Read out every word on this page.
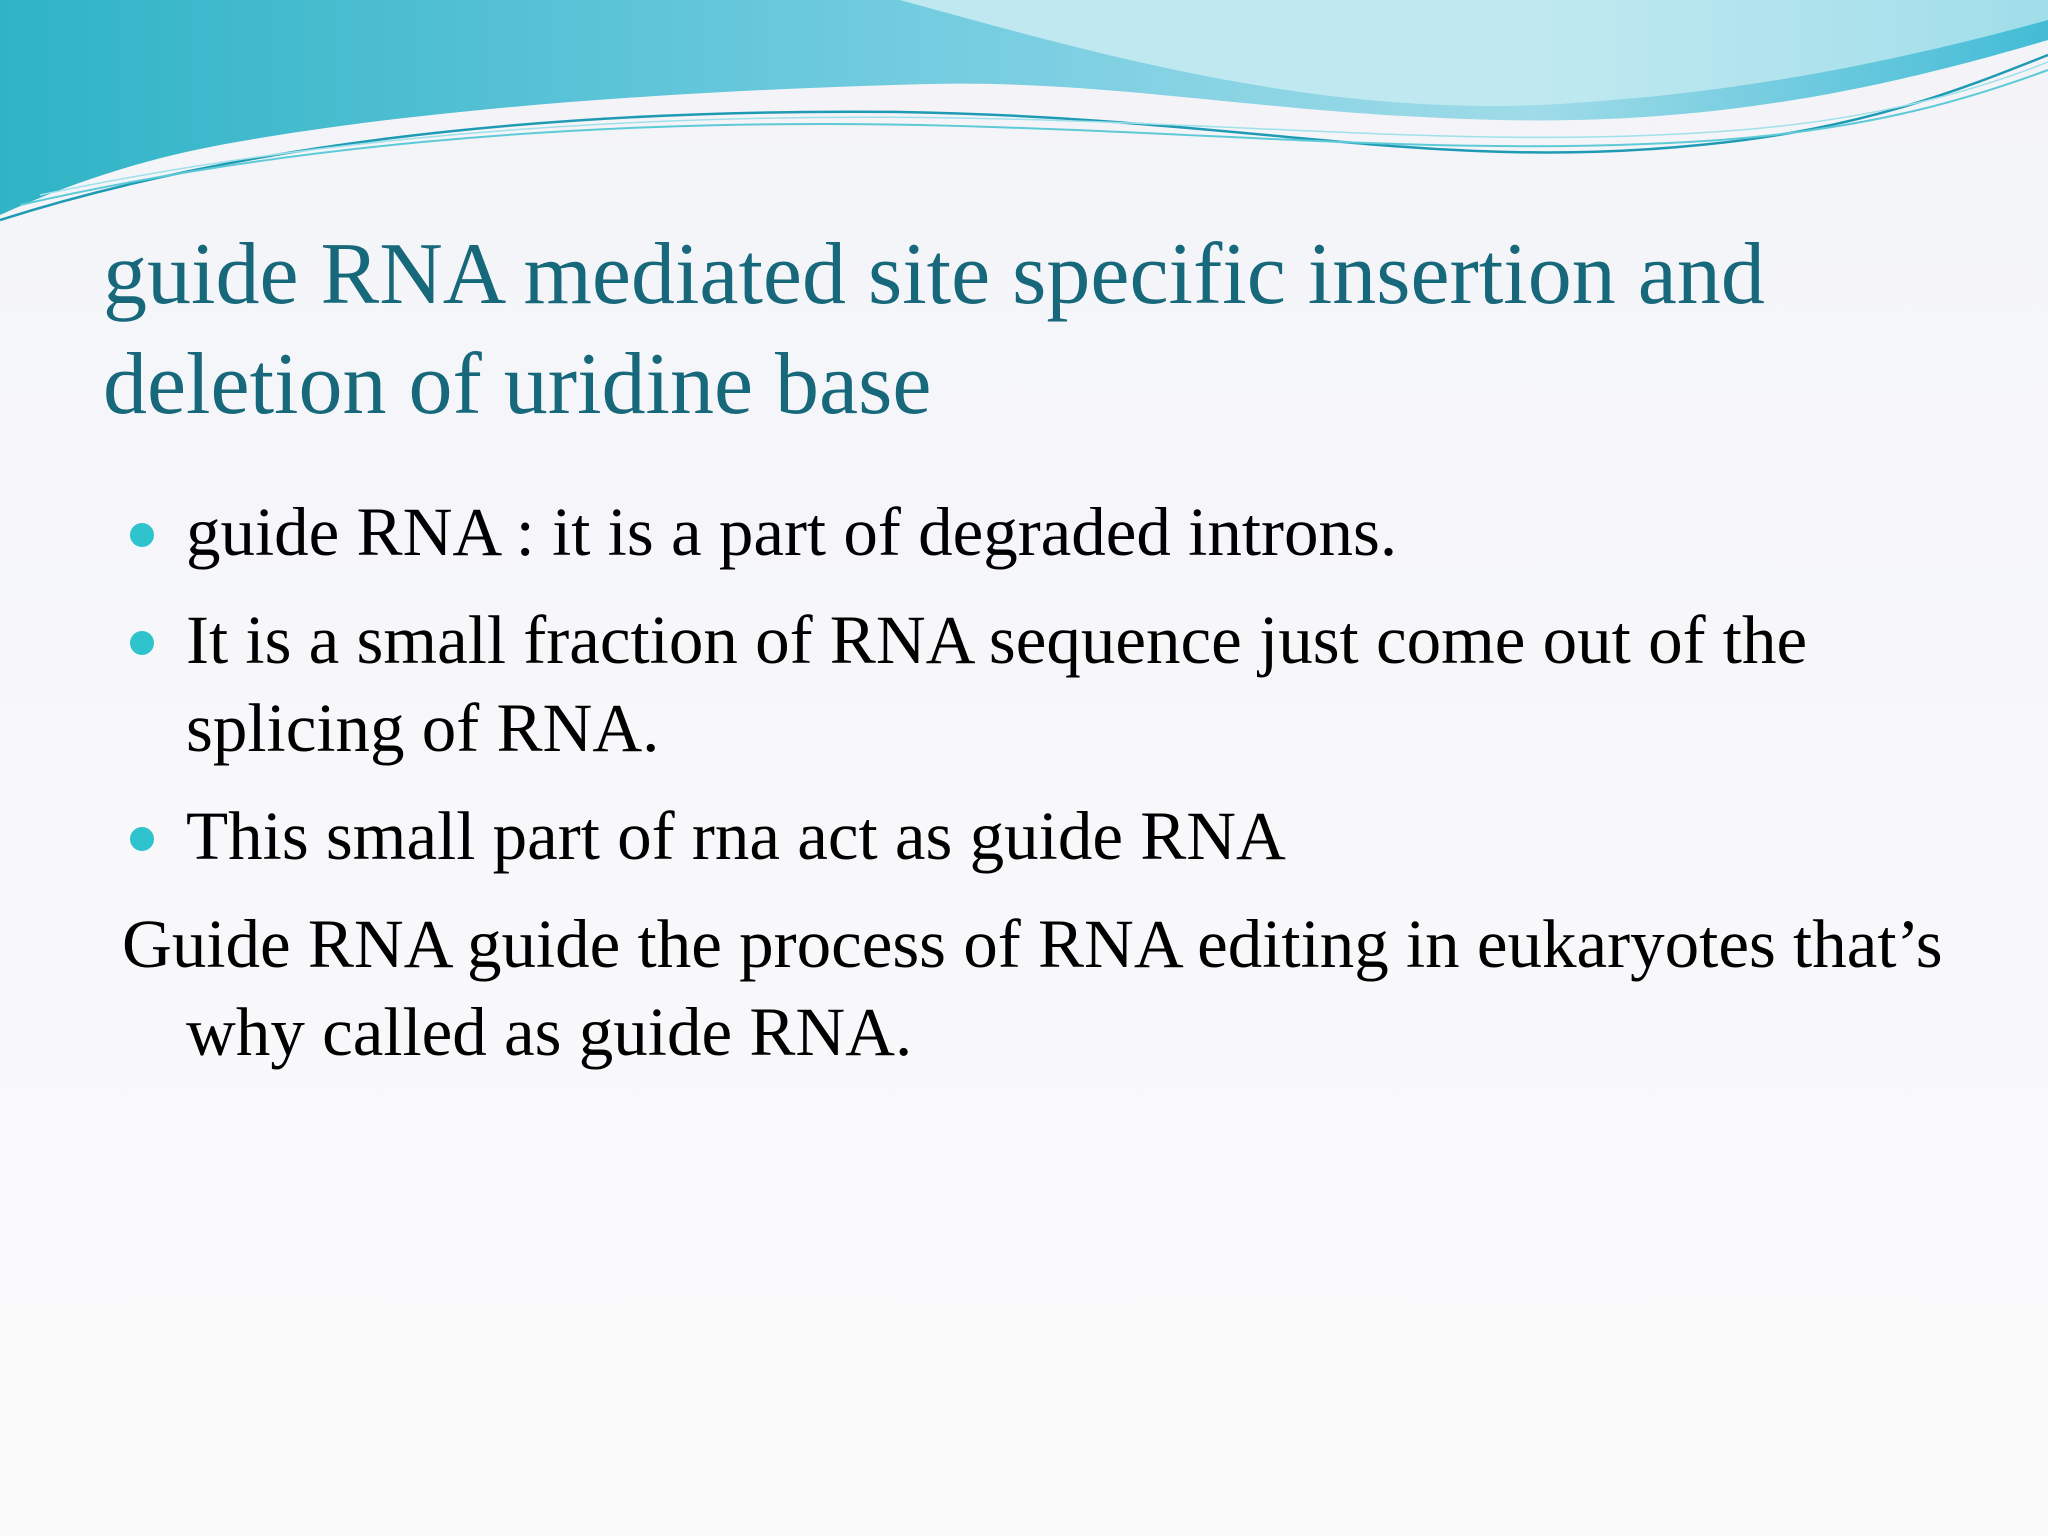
guide RNA mediated site specific insertion and deletion of uridine base
guide RNA : it is a part of degraded introns.
It is a small fraction of RNA sequence just come out of the splicing of RNA.
This small part of rna act as guide RNA

Guide RNA guide the process of RNA editing in eukaryotes that’s why called as guide RNA.
